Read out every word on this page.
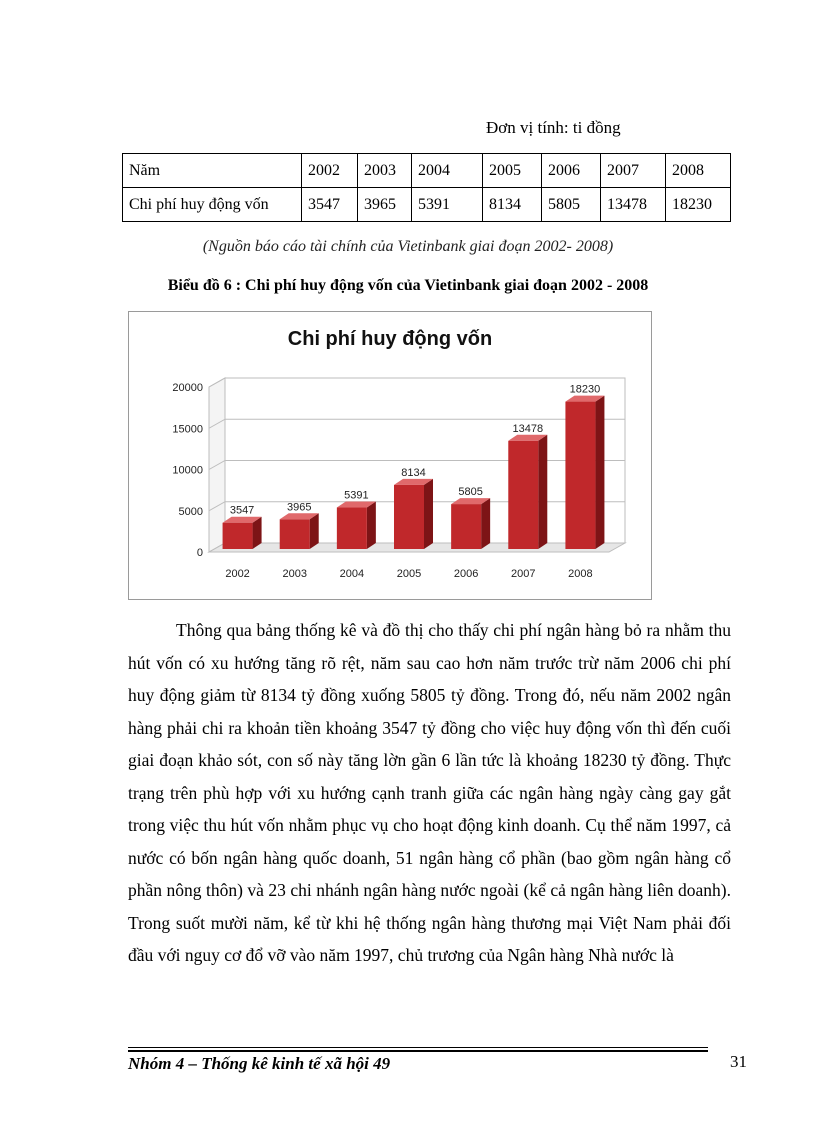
Đơn vị tính: ti đồng
Năm	2002	2003	2004	2005	2006	2007	2008
Chi phí huy động vốn	3547	3965	5391	8134	5805	13478	18230
(Nguồn báo cáo tài chính của Vietinbank giai đoạn 2002- 2008)
Biểu đồ 6 : Chi phí huy động vốn của Vietinbank giai đoạn 2002 - 2008
Chi phí huy động vốn
0
5000
10000
15000
20000
3547
2002
3965
2003
5391
2004
8134
2005
5805
2006
13478
2007
18230
2008

Thông qua bảng thống kê và đồ thị cho thấy chi phí ngân hàng bỏ ra nhằm thu hút vốn có xu hướng tăng rõ rệt, năm sau cao hơn năm trước trừ năm 2006 chi phí huy động giảm từ 8134 tỷ đồng xuống 5805 tỷ đồng. Trong đó, nếu năm 2002 ngân hàng phải chi ra khoản tiền khoảng 3547 tỷ đồng cho việc huy động vốn thì đến cuối giai đoạn khảo sót, con số này tăng lờn gần 6 lần tức là khoảng 18230 tỷ đồng. Thực trạng trên phù hợp với xu hướng cạnh tranh giữa các ngân hàng ngày càng gay gắt trong việc thu hút vốn nhằm phục vụ cho hoạt động kinh doanh. Cụ thể năm 1997, cả nước có bốn ngân hàng quốc doanh, 51 ngân hàng cổ phần (bao gồm ngân hàng cổ phần nông thôn) và 23 chi nhánh ngân hàng nước ngoài (kể cả ngân hàng liên doanh). Trong suốt mười năm, kể từ khi hệ thống ngân hàng thương mại Việt Nam phải đối đầu với nguy cơ đổ vỡ vào năm 1997, chủ trương của Ngân hàng Nhà nước là

Nhóm 4 – Thống kê kinh tế xã hội 49	31
